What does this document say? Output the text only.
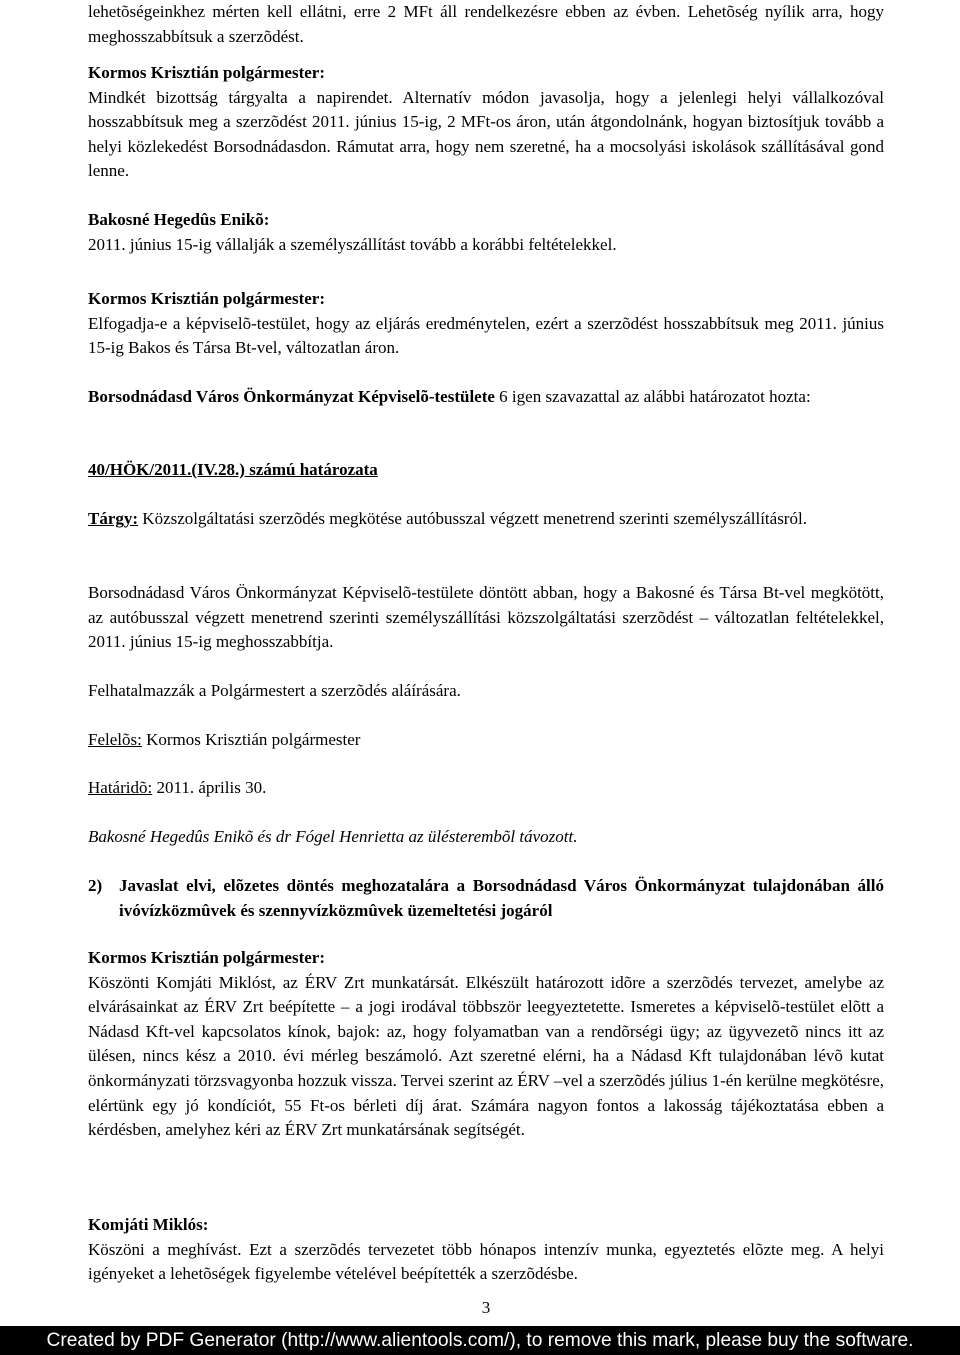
lehetõségeinkhez mérten kell ellátni, erre 2 MFt áll rendelkezésre ebben az évben. Lehetõség nyílik arra, hogy meghosszabbítsuk a szerzõdést.

Kormos Krisztián polgármester:

Mindkét bizottság tárgyalta a napirendet. Alternatív módon javasolja, hogy a jelenlegi helyi vállalkozóval hosszabbítsuk meg a szerzõdést 2011. június 15-ig, 2 MFt-os áron, után átgondolnánk, hogyan biztosítjuk tovább a helyi közlekedést Borsodnádasdon. Rámutat arra, hogy nem szeretné, ha a mocsolyási iskolások szállításával gond lenne.

Bakosné Hegedûs Enikõ:

2011. június 15-ig vállalják a személyszállítást tovább a korábbi feltételekkel.

Kormos Krisztián polgármester:

Elfogadja-e a képviselõ-testület, hogy az eljárás eredménytelen, ezért a szerzõdést hosszabbítsuk meg 2011. június 15-ig Bakos és Társa Bt-vel, változatlan áron.

Borsodnádasd Város Önkormányzat Képviselõ-testülete 6 igen szavazattal az alábbi határozatot hozta:

40/HÖK/2011.(IV.28.) számú határozata

Tárgy: Közszolgáltatási szerzõdés megkötése autóbusszal végzett menetrend szerinti személyszállításról.

Borsodnádasd Város Önkormányzat Képviselõ-testülete döntött abban, hogy a Bakosné és Társa Bt-vel megkötött, az autóbusszal végzett menetrend szerinti személyszállítási közszolgáltatási szerzõdést – változatlan feltételekkel, 2011. június 15-ig meghosszabbítja.

Felhatalmazzák a Polgármestert a szerzõdés aláírására.

Felelõs: Kormos Krisztián polgármester

Határidõ: 2011. április 30.

Bakosné Hegedûs Enikõ és dr Fógel Henrietta az ülésterembõl távozott.

2) Javaslat elvi, elõzetes döntés meghozatalára a Borsodnádasd Város Önkormányzat tulajdonában álló ivóvízközmûvek és szennyvízközmûvek üzemeltetési jogáról

Kormos Krisztián polgármester:

Köszönti Komjáti Miklóst, az ÉRV Zrt munkatársát. Elkészült határozott idõre a szerzõdés tervezet, amelybe az elvárásainkat az ÉRV Zrt beépítette – a jogi irodával többször leegyeztetette. Ismeretes a képviselõ-testület elõtt a Nádasd Kft-vel kapcsolatos kínok, bajok: az, hogy folyamatban van a rendõrségi ügy; az ügyvezetõ nincs itt az ülésen, nincs kész a 2010. évi mérleg beszámoló. Azt szeretné elérni, ha a Nádasd Kft tulajdonában lévõ kutat önkormányzati törzsvagyonba hozzuk vissza. Tervei szerint az ÉRV –vel a szerzõdés július 1-én kerülne megkötésre, elértünk egy jó kondíciót, 55 Ft-os bérleti díj árat. Számára nagyon fontos a lakosság tájékoztatása ebben a kérdésben, amelyhez kéri az ÉRV Zrt munkatársának segítségét.

Komjáti Miklós:

Köszöni a meghívást. Ezt a szerzõdés tervezetet több hónapos intenzív munka, egyeztetés elõzte meg. A helyi igényeket a lehetõségek figyelembe vételével beépítették a szerzõdésbe.

3
Created by PDF Generator (http://www.alientools.com/), to remove this mark, please buy the software.
